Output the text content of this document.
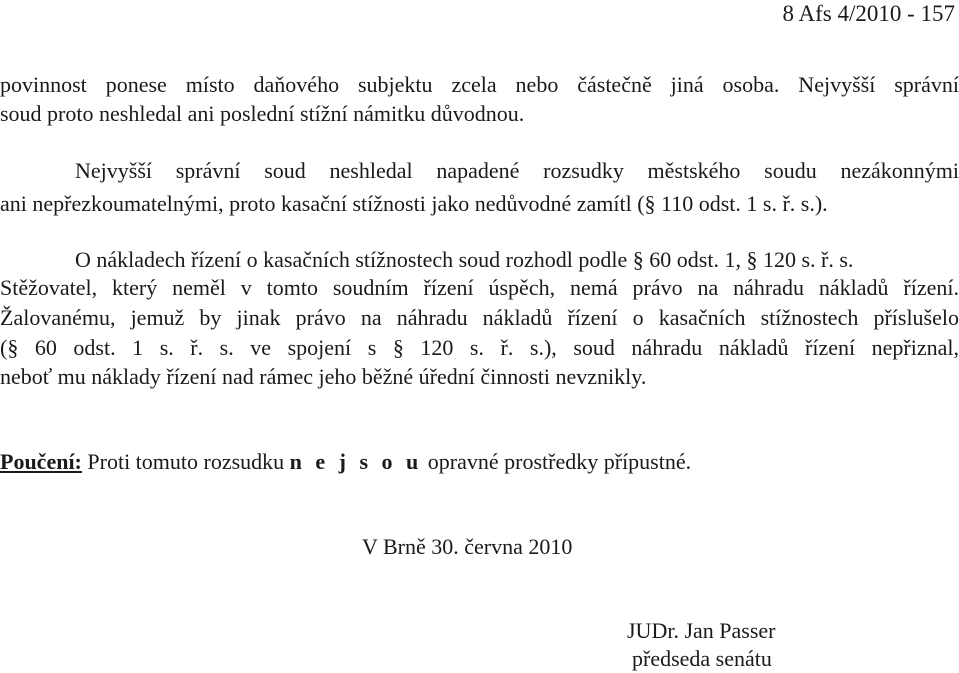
8 Afs 4/2010 - 157
povinnost ponese místo daňového subjektu zcela nebo částečně jiná osoba. Nejvyšší správní
soud proto neshledal ani poslední stížní námitku důvodnou.
Nejvyšší správní soud neshledal napadené rozsudky městského soudu nezákonnými
ani nepřezkoumatelnými, proto kasační stížnosti jako nedůvodné zamítl (§ 110 odst. 1 s. ř. s.).
O nákladech řízení o kasačních stížnostech soud rozhodl podle § 60 odst. 1, § 120 s. ř. s.
Stěžovatel, který neměl v tomto soudním řízení úspěch, nemá právo na náhradu nákladů řízení.
Žalovanému, jemuž by jinak právo na náhradu nákladů řízení o kasačních stížnostech příslušelo
(§ 60 odst. 1 s. ř. s. ve spojení s § 120 s. ř. s.), soud náhradu nákladů řízení nepřiznal,
neboť mu náklady řízení nad rámec jeho běžné úřední činnosti nevznikly.
Poučení: Proti tomuto rozsudku n e j s o u opravné prostředky přípustné.
V Brně 30. června 2010
JUDr. Jan Passer
předseda senátu
